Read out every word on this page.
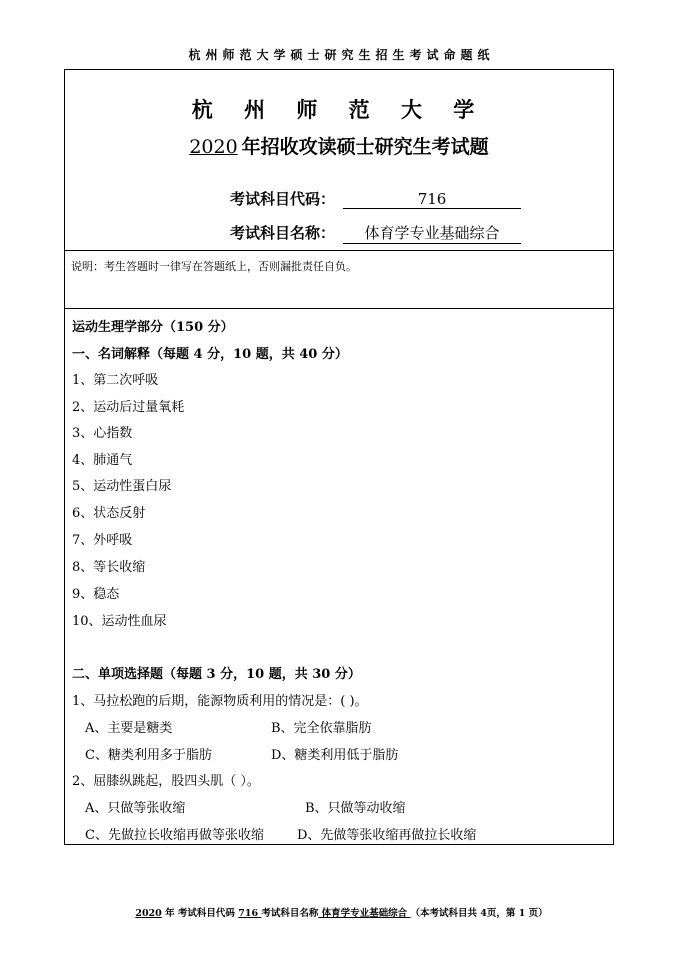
杭州师范大学硕士研究生招生考试命题纸
杭 州 师 范 大 学
2020 年招收攻读硕士研究生考试题
考试科目代码：	716
考试科目名称： 体育学专业基础综合
说明：考生答题时一律写在答题纸上，否则漏批责任自负。
运动生理学部分（150 分）
一、名词解释（每题 4 分，10 题，共 40 分）
1、第二次呼吸
2、运动后过量氧耗
3、心指数
4、肺通气
5、运动性蛋白尿
6、状态反射
7、外呼吸
8、等长收缩
9、稳态
10、运动性血尿
二、单项选择题（每题 3 分，10 题，共 30 分）
1、马拉松跑的后期，能源物质利用的情况是：( )。
A、主要是糖类	B、完全依靠脂肪
C、糖类利用多于脂肪	D、糖类利用低于脂肪
2、屈膝纵跳起，股四头肌（ ）。
A、只做等张收缩	B、只做等动收缩
C、先做拉长收缩再做等张收缩	D、先做等张收缩再做拉长收缩
2020 年 考试科目代码 716 考试科目名称 体育学专业基础综合 （本考试科目共 4页，第 1 页）
